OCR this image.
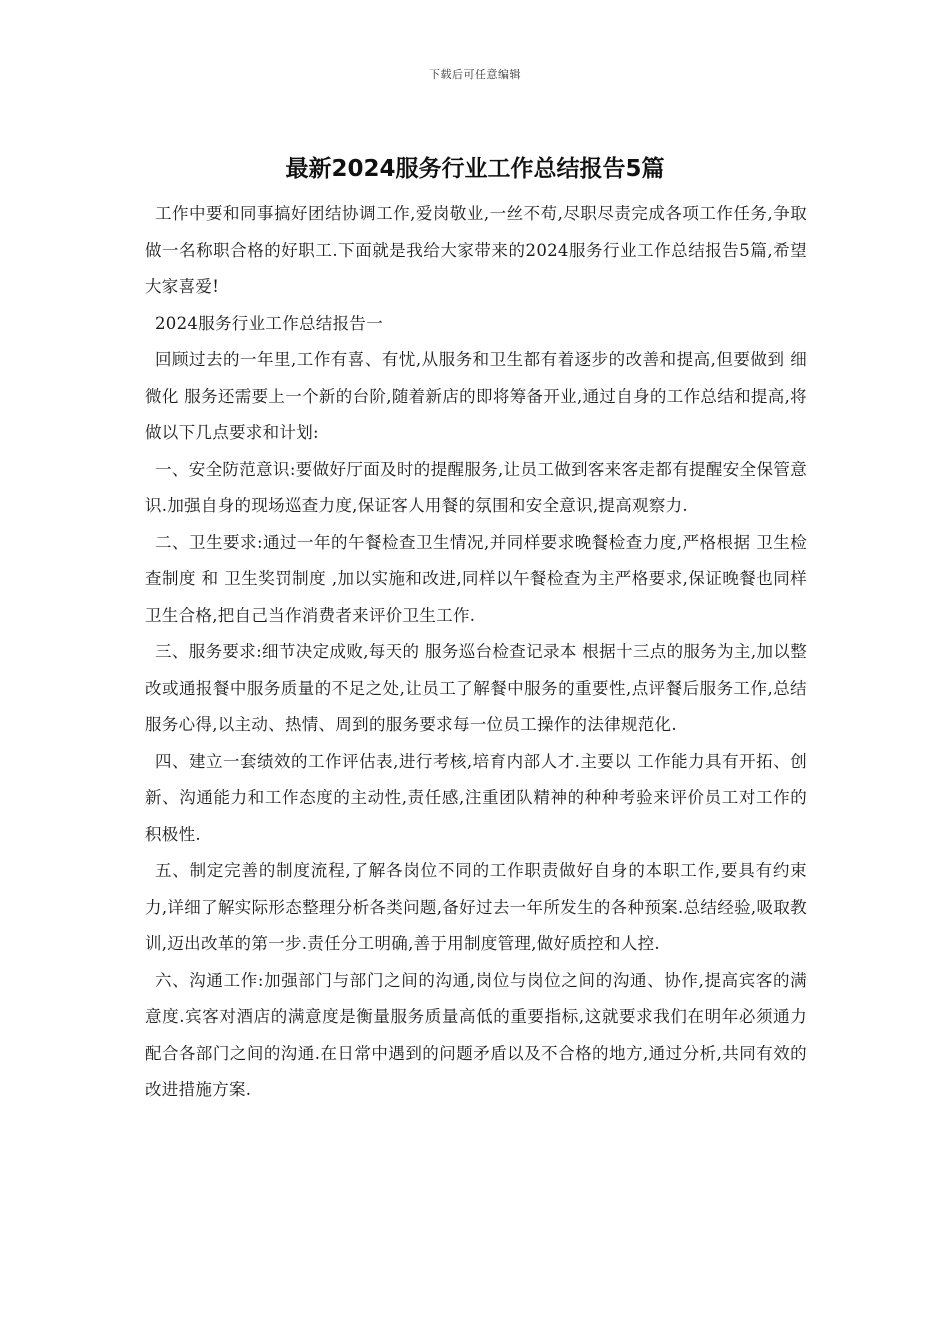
下载后可任意编辑
最新2024服务行业工作总结报告5篇

工作中要和同事搞好团结协调工作,爱岗敬业,一丝不苟,尽职尽责完成各项工作任务,争取做一名称职合格的好职工.下面就是我给大家带来的2024服务行业工作总结报告5篇,希望大家喜爱!

2024服务行业工作总结报告一

回顾过去的一年里,工作有喜、有忧,从服务和卫生都有着逐步的改善和提高,但要做到 细微化 服务还需要上一个新的台阶,随着新店的即将筹备开业,通过自身的工作总结和提高,将做以下几点要求和计划:

一、安全防范意识:要做好厅面及时的提醒服务,让员工做到客来客走都有提醒安全保管意识.加强自身的现场巡查力度,保证客人用餐的氛围和安全意识,提高观察力.

二、卫生要求:通过一年的午餐检查卫生情况,并同样要求晚餐检查力度,严格根据 卫生检查制度 和 卫生奖罚制度 ,加以实施和改进,同样以午餐检查为主严格要求,保证晚餐也同样卫生合格,把自己当作消费者来评价卫生工作.

三、服务要求:细节决定成败,每天的 服务巡台检查记录本 根据十三点的服务为主,加以整改或通报餐中服务质量的不足之处,让员工了解餐中服务的重要性,点评餐后服务工作,总结服务心得,以主动、热情、周到的服务要求每一位员工操作的法律规范化.

四、建立一套绩效的工作评估表,进行考核,培育内部人才.主要以 工作能力具有开拓、创新、沟通能力和工作态度的主动性,责任感,注重团队精神的种种考验来评价员工对工作的积极性.

五、制定完善的制度流程,了解各岗位不同的工作职责做好自身的本职工作,要具有约束力,详细了解实际形态整理分析各类问题,备好过去一年所发生的各种预案.总结经验,吸取教训,迈出改革的第一步.责任分工明确,善于用制度管理,做好质控和人控.

六、沟通工作:加强部门与部门之间的沟通,岗位与岗位之间的沟通、协作,提高宾客的满意度.宾客对酒店的满意度是衡量服务质量高低的重要指标,这就要求我们在明年必须通力配合各部门之间的沟通.在日常中遇到的问题矛盾以及不合格的地方,通过分析,共同有效的改进措施方案.
